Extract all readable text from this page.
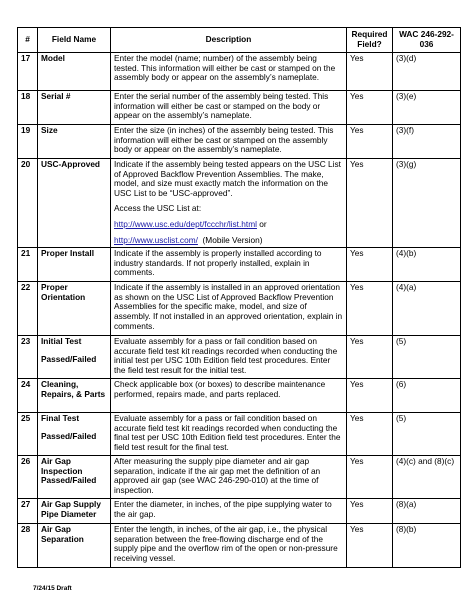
#	Field Name	Description	Required Field?	WAC 246-292-036
17	Model	Enter the model (name; number) of the assembly being tested. This information will either be cast or stamped on the assembly body or appear on the assembly’s nameplate.	Yes	(3)(d)
18	Serial #	Enter the serial number of the assembly being tested. This information will either be cast or stamped on the body or appear on the assembly’s nameplate.	Yes	(3)(e)
19	Size	Enter the size (in inches) of the assembly being tested. This information will either be cast or stamped on the assembly body or appear on the assembly’s nameplate.	Yes	(3)(f)
20	USC-Approved	Indicate if the assembly being tested appears on the USC List of Approved Backflow Prevention Assemblies. The make, model, and size must exactly match the information on the USC List to be “USC-approved”.

Access the USC List at:

http://www.usc.edu/dept/fccchr/list.html or

http://www.usclist.com/  (Mobile Version)	Yes	(3)(g)
21	Proper Install	Indicate if the assembly is properly installed according to industry standards. If not properly installed, explain in comments.	Yes	(4)(b)
22	Proper Orientation	Indicate if the assembly is installed in an approved orientation as shown on the USC List of Approved Backflow Prevention Assemblies for the specific make, model, and size of assembly. If not installed in an approved orientation, explain in comments.	Yes	(4)(a)
23	Initial Test
Passed/Failed	Evaluate assembly for a pass or fail condition based on accurate field test kit readings recorded when conducting the initial test per USC 10th Edition field test procedures. Enter the field test result for the initial test.	Yes	(5)
24	Cleaning, Repairs, & Parts	Check applicable box (or boxes) to describe maintenance performed, repairs made, and parts replaced.	Yes	(6)
25	Final Test
Passed/Failed	Evaluate assembly for a pass or fail condition based on accurate field test kit readings recorded when conducting the final test per USC 10th Edition field test procedures. Enter the field test result for the final test.	Yes	(5)
26	Air Gap Inspection Passed/Failed	After measuring the supply pipe diameter and air gap separation, indicate if the air gap met the definition of an approved air gap (see WAC 246-290-010) at the time of inspection.	Yes	(4)(c) and (8)(c)
27	Air Gap Supply Pipe Diameter	Enter the diameter, in inches, of the pipe supplying water to the air gap.	Yes	(8)(a)
28	Air Gap Separation	Enter the length, in inches, of the air gap, i.e., the physical separation between the free-flowing discharge end of the supply pipe and the overflow rim of the open or non-pressure receiving vessel.	Yes	(8)(b)
7/24/15 Draft
